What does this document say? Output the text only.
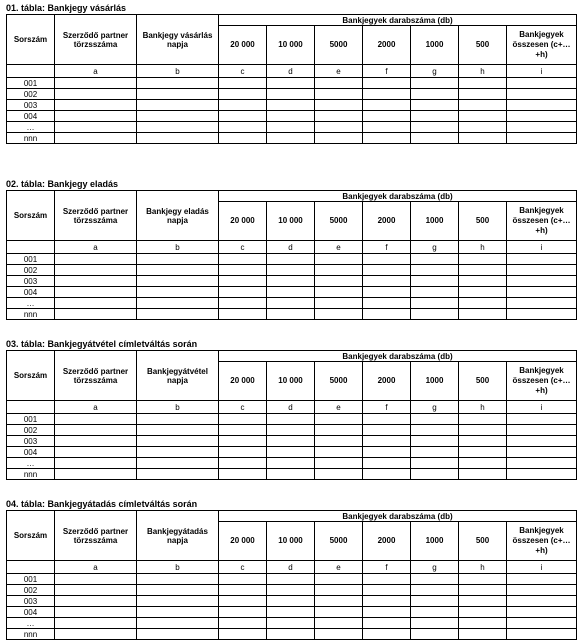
01. tábla: Bankjegy vásárlás
Sorszám	Szerződő partner törzsszáma	Bankjegy vásárlás napja	Bankjegyek darabszáma (db)						
			20 000	10 000	5000	2000	1000	500	Bankjegyek összesen (c+…+h)
	a	b	c	d	e	f	g	h	i
001									
002									
003									
004									
…									
nnn									
02. tábla: Bankjegy eladás
Sorszám	Szerződő partner törzsszáma	Bankjegy eladás napja	Bankjegyek darabszáma (db)						
			20 000	10 000	5000	2000	1000	500	Bankjegyek összesen (c+…+h)
	a	b	c	d	e	f	g	h	i
001									
002									
003									
004									
…									
nnn									
03. tábla: Bankjegyátvétel címletváltás során
Sorszám	Szerződő partner törzsszáma	Bankjegyátvétel napja	Bankjegyek darabszáma (db)						
			20 000	10 000	5000	2000	1000	500	Bankjegyek összesen (c+…+h)
	a	b	c	d	e	f	g	h	i
001									
002									
003									
004									
…									
nnn									
04. tábla: Bankjegyátadás címletváltás során
Sorszám	Szerződő partner törzsszáma	Bankjegyátadás napja	Bankjegyek darabszáma (db)						
			20 000	10 000	5000	2000	1000	500	Bankjegyek összesen (c+…+h)
	a	b	c	d	e	f	g	h	i
001									
002									
003									
004									
…									
nnn									
